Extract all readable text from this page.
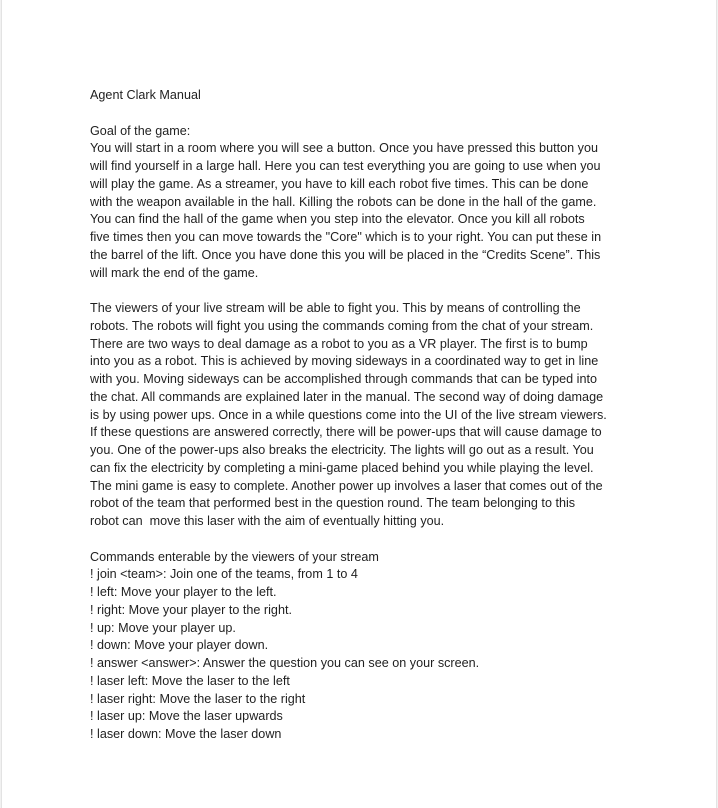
Agent Clark Manual
Goal of the game:
You will start in a room where you will see a button. Once you have pressed this button you
will find yourself in a large hall. Here you can test everything you are going to use when you
will play the game. As a streamer, you have to kill each robot five times. This can be done
with the weapon available in the hall. Killing the robots can be done in the hall of the game.
You can find the hall of the game when you step into the elevator. Once you kill all robots
five times then you can move towards the "Core" which is to your right. You can put these in
the barrel of the lift. Once you have done this you will be placed in the “Credits Scene”. This
will mark the end of the game.
The viewers of your live stream will be able to fight you. This by means of controlling the
robots. The robots will fight you using the commands coming from the chat of your stream.
There are two ways to deal damage as a robot to you as a VR player. The first is to bump
into you as a robot. This is achieved by moving sideways in a coordinated way to get in line
with you. Moving sideways can be accomplished through commands that can be typed into
the chat. All commands are explained later in the manual. The second way of doing damage
is by using power ups. Once in a while questions come into the UI of the live stream viewers.
If these questions are answered correctly, there will be power-ups that will cause damage to
you. One of the power-ups also breaks the electricity. The lights will go out as a result. You
can fix the electricity by completing a mini-game placed behind you while playing the level.
The mini game is easy to complete. Another power up involves a laser that comes out of the
robot of the team that performed best in the question round. The team belonging to this
robot can  move this laser with the aim of eventually hitting you.
Commands enterable by the viewers of your stream
! join <team>: Join one of the teams, from 1 to 4
! left: Move your player to the left.
! right: Move your player to the right.
! up: Move your player up.
! down: Move your player down.
! answer <answer>: Answer the question you can see on your screen.
! laser left: Move the laser to the left
! laser right: Move the laser to the right
! laser up: Move the laser upwards
! laser down: Move the laser down
